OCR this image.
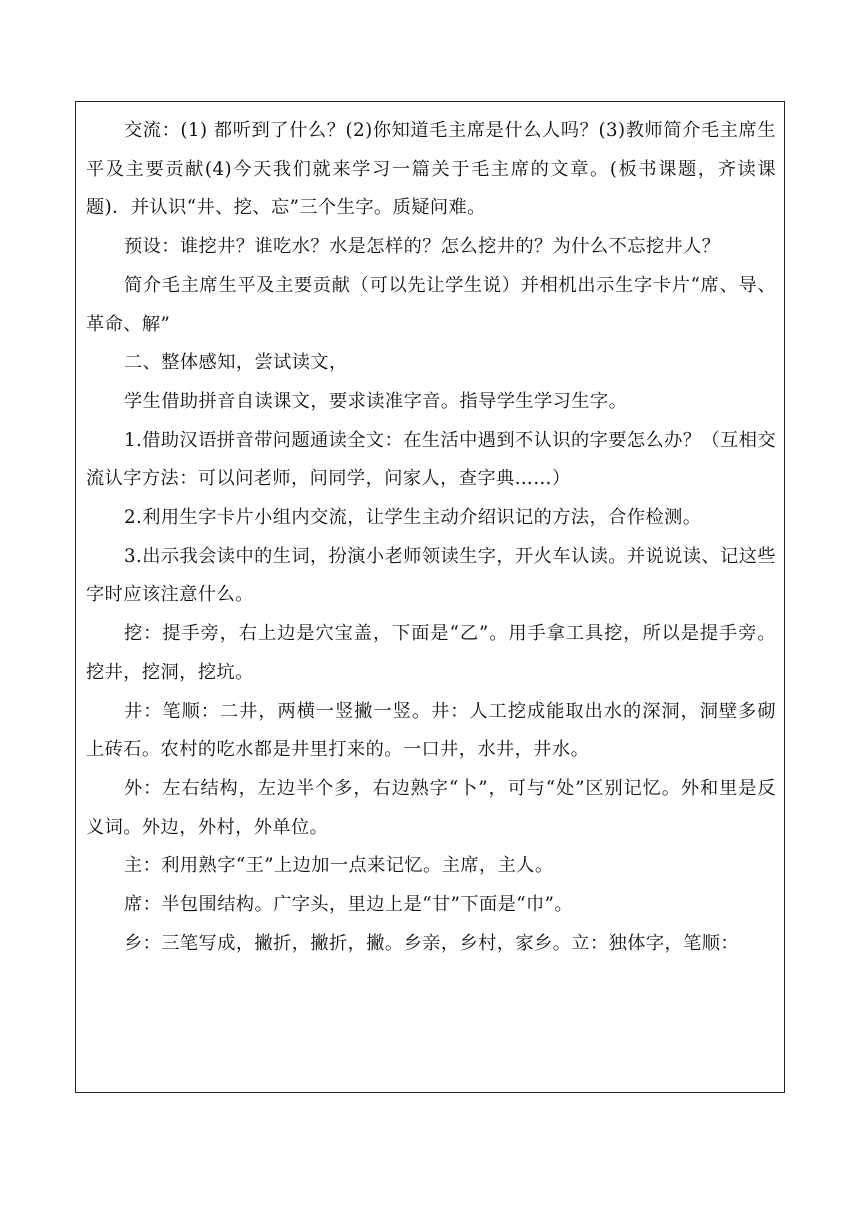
交流：(1) 都听到了什么？(2)你知道毛主席是什么人吗？(3)教师简介毛主席生平及主要贡献(4)今天我们就来学习一篇关于毛主席的文章。(板书课题，齐读课题)．并认识“井、挖、忘”三个生字。质疑问难。

预设：谁挖井？谁吃水？水是怎样的？怎么挖井的？为什么不忘挖井人？

简介毛主席生平及主要贡献（可以先让学生说）并相机出示生字卡片“席、导、革命、解”

二、整体感知，尝试读文，

学生借助拼音自读课文，要求读准字音。指导学生学习生字。

1.借助汉语拼音带问题通读全文：在生活中遇到不认识的字要怎么办？（互相交流认字方法：可以问老师，问同学，问家人，查字典……）

2.利用生字卡片小组内交流，让学生主动介绍识记的方法，合作检测。

3.出示我会读中的生词，扮演小老师领读生字，开火车认读。并说说读、记这些字时应该注意什么。

挖：提手旁，右上边是穴宝盖，下面是“乙”。用手拿工具挖，所以是提手旁。挖井，挖洞，挖坑。

井：笔顺：二井，两横一竖撇一竖。井：人工挖成能取出水的深洞，洞壁多砌上砖石。农村的吃水都是井里打来的。一口井，水井，井水。

外：左右结构，左边半个多，右边熟字“卜”，可与“处”区别记忆。外和里是反义词。外边，外村，外单位。

主：利用熟字“王”上边加一点来记忆。主席，主人。

席：半包围结构。广字头，里边上是“甘”下面是“巾”。

乡：三笔写成，撇折，撇折，撇。乡亲，乡村，家乡。立：独体字，笔顺：
